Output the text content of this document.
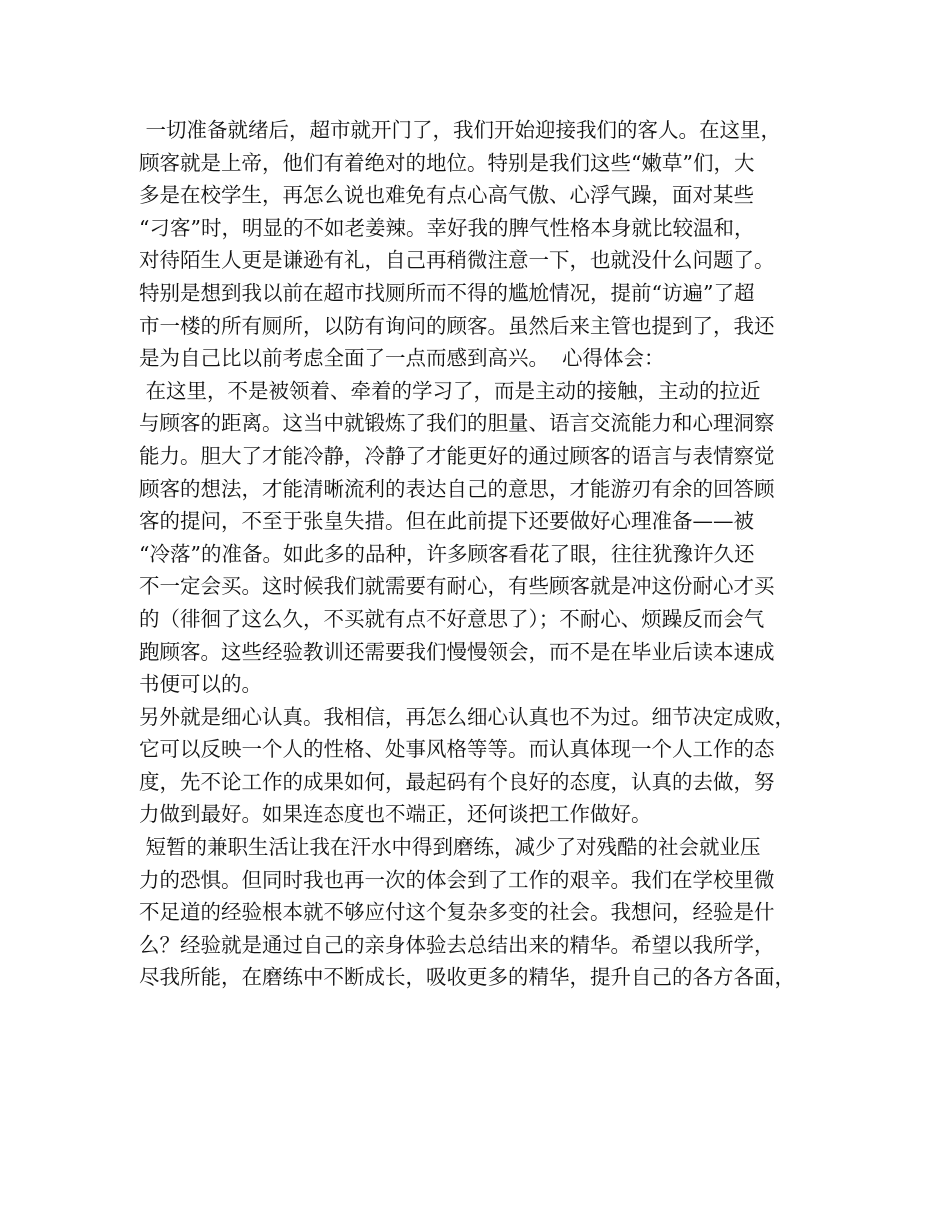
一切准备就绪后，超市就开门了，我们开始迎接我们的客人。在这里，
顾客就是上帝，他们有着绝对的地位。特别是我们这些“嫩草”们，大
多是在校学生，再怎么说也难免有点心高气傲、心浮气躁，面对某些
“刁客”时，明显的不如老姜辣。幸好我的脾气性格本身就比较温和，
对待陌生人更是谦逊有礼，自己再稍微注意一下，也就没什么问题了。
特别是想到我以前在超市找厕所而不得的尴尬情况，提前“访遍”了超
市一楼的所有厕所，以防有询问的顾客。虽然后来主管也提到了，我还
是为自己比以前考虑全面了一点而感到高兴。  心得体会：
在这里，不是被领着、牵着的学习了，而是主动的接触，主动的拉近
与顾客的距离。这当中就锻炼了我们的胆量、语言交流能力和心理洞察
能力。胆大了才能冷静，冷静了才能更好的通过顾客的语言与表情察觉
顾客的想法，才能清晰流利的表达自己的意思，才能游刃有余的回答顾
客的提问，不至于张皇失措。但在此前提下还要做好心理准备——被
“冷落”的准备。如此多的品种，许多顾客看花了眼，往往犹豫许久还
不一定会买。这时候我们就需要有耐心，有些顾客就是冲这份耐心才买
的（徘徊了这么久，不买就有点不好意思了）；不耐心、烦躁反而会气
跑顾客。这些经验教训还需要我们慢慢领会，而不是在毕业后读本速成
书便可以的。
另外就是细心认真。我相信，再怎么细心认真也不为过。细节决定成败，
它可以反映一个人的性格、处事风格等等。而认真体现一个人工作的态
度，先不论工作的成果如何，最起码有个良好的态度，认真的去做，努
力做到最好。如果连态度也不端正，还何谈把工作做好。
短暂的兼职生活让我在汗水中得到磨练，减少了对残酷的社会就业压
力的恐惧。但同时我也再一次的体会到了工作的艰辛。我们在学校里微
不足道的经验根本就不够应付这个复杂多变的社会。我想问，经验是什
么？经验就是通过自己的亲身体验去总结出来的精华。希望以我所学，
尽我所能，在磨练中不断成长，吸收更多的精华，提升自己的各方各面，
